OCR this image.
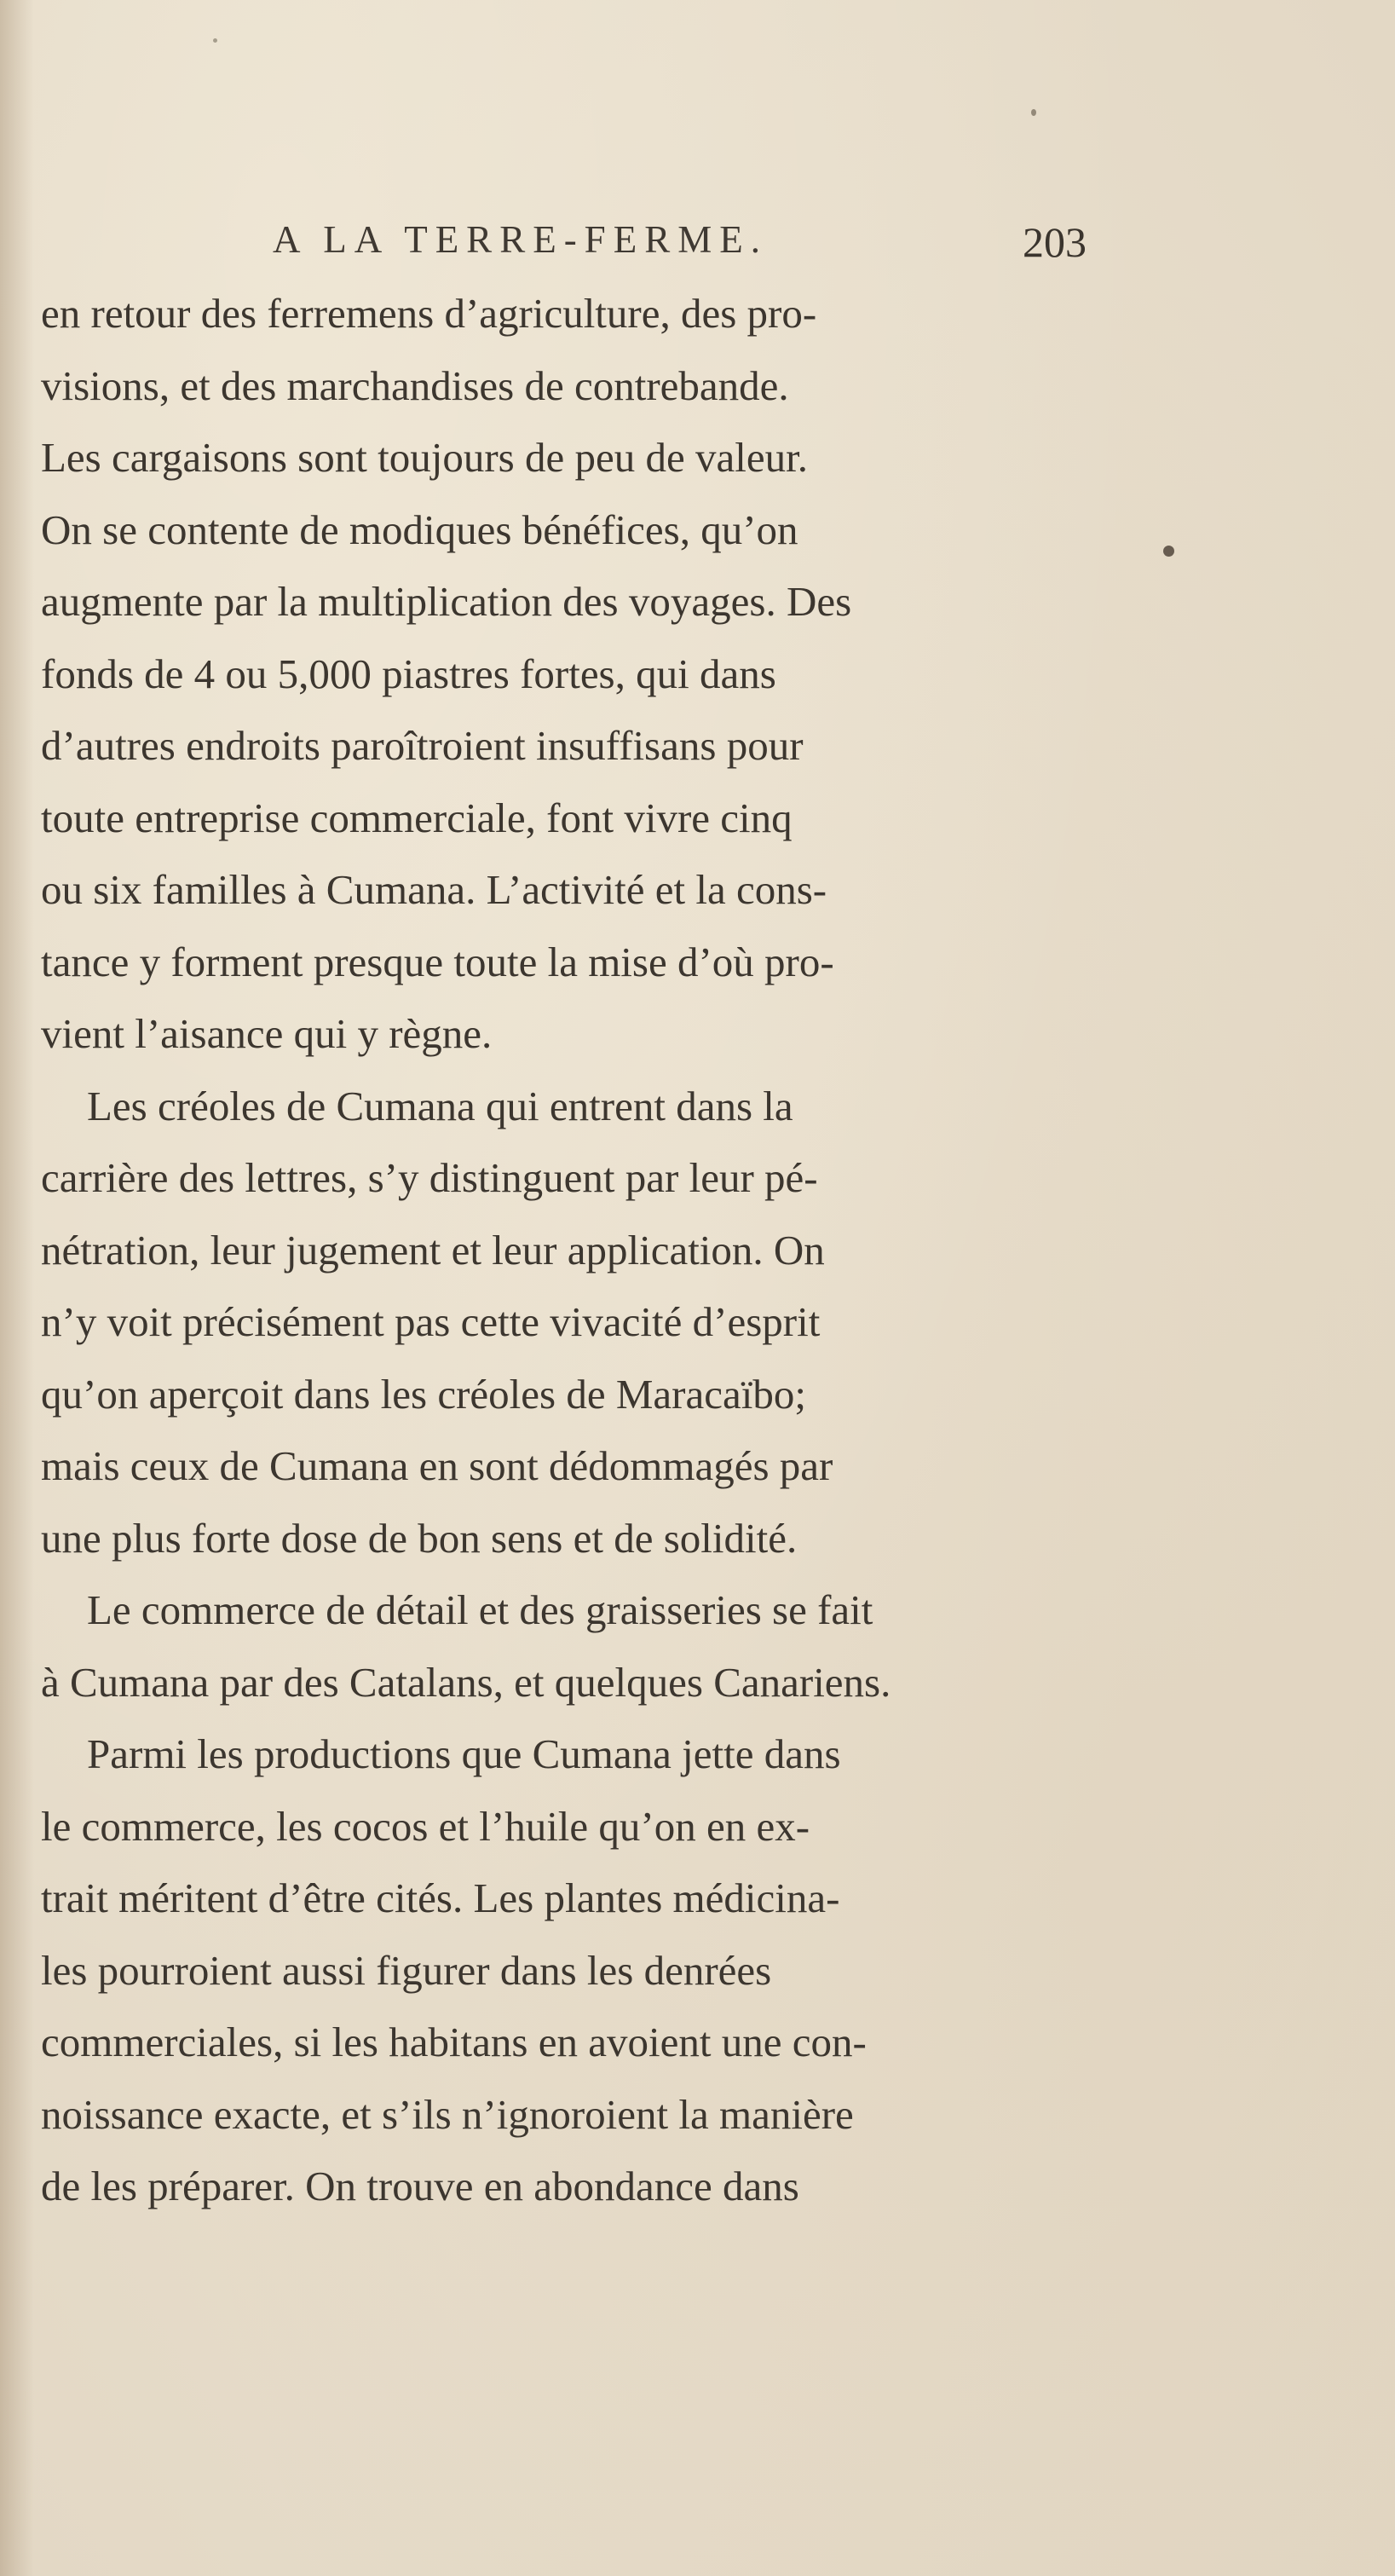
A LA TERRE-FERME.	203
en retour des ferremens d’agriculture, des pro-
visions, et des marchandises de contrebande.
Les cargaisons sont toujours de peu de valeur.
On se contente de modiques bénéfices, qu’on
augmente par la multiplication des voyages. Des
fonds de 4 ou 5,000 piastres fortes, qui dans
d’autres endroits paroîtroient insuffisans pour
toute entreprise commerciale, font vivre cinq
ou six familles à Cumana. L’activité et la cons-
tance y forment presque toute la mise d’où pro-
vient l’aisance qui y règne.
Les créoles de Cumana qui entrent dans la
carrière des lettres, s’y distinguent par leur pé-
nétration, leur jugement et leur application. On
n’y voit précisément pas cette vivacité d’esprit
qu’on aperçoit dans les créoles de Maracaïbo;
mais ceux de Cumana en sont dédommagés par
une plus forte dose de bon sens et de solidité.
Le commerce de détail et des graisseries se fait
à Cumana par des Catalans, et quelques Canariens.
Parmi les productions que Cumana jette dans
le commerce, les cocos et l’huile qu’on en ex-
trait méritent d’être cités. Les plantes médicina-
les pourroient aussi figurer dans les denrées
commerciales, si les habitans en avoient une con-
noissance exacte, et s’ils n’ignoroient la manière
de les préparer. On trouve en abondance dans
